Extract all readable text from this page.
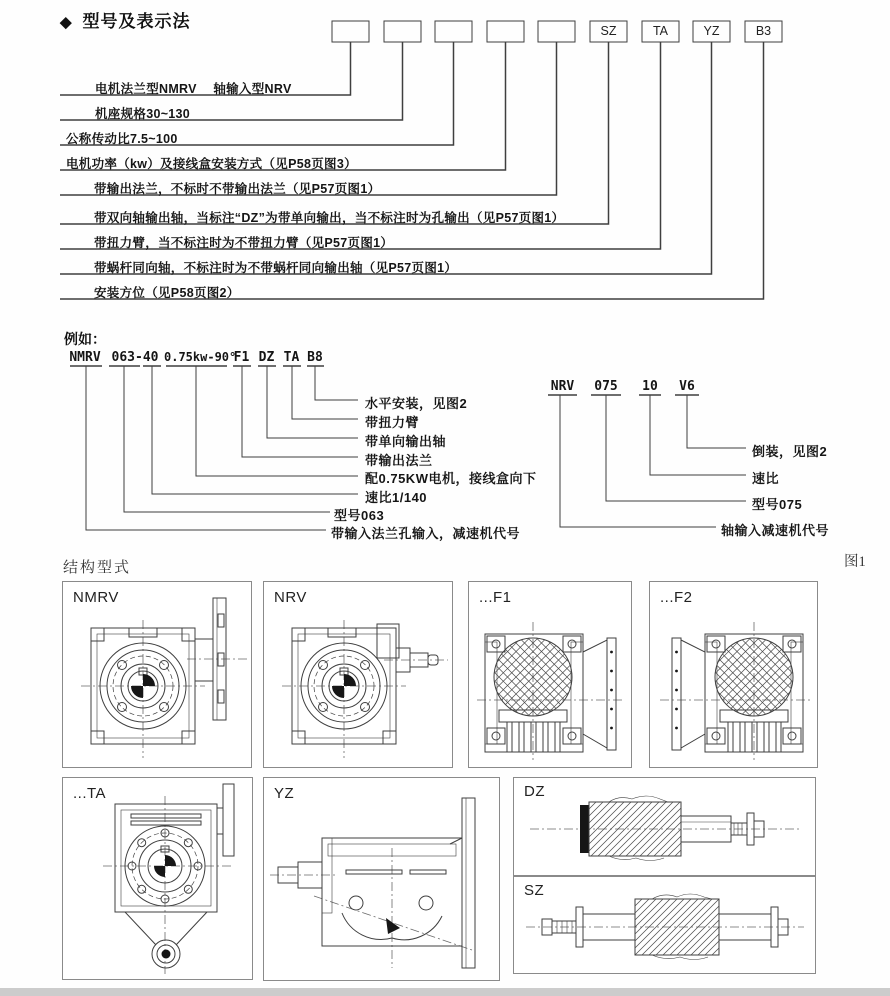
◆ 型号及表示法	SZ	TA	YZ	B3
电机法兰型NMRV　 轴输入型NRV
机座规格30~130
公称传动比7.5~100
电机功率（kw）及接线盒安装方式（见P58页图3）
带输出法兰，不标时不带输出法兰（见P57页图1）
带双向轴输出轴，当标注“DZ”为带单向输出，当不标注时为孔输出（见P57页图1）
带扭力臂，当不标注时为不带扭力臂（见P57页图1）
带蜗杆同向轴，不标注时为不带蜗杆同向输出轴（见P57页图1）
安装方位（见P58页图2）
例如：
NMRV 063-40 0.75kw-90°
F1 DZ TA B8
水平安装，见图2
带扭力臂
带单向输出轴
带输出法兰
配0.75KW电机，接线盒向下
速比1/140
型号063
带输入法兰孔输入，减速机代号
NRV 075 10	V6
倒装，见图2
速比
型号075
轴输入减速机代号
结构型式	图1
NMRV	NRV	...F1	...F2
...TA	YZ	DZ
SZ
